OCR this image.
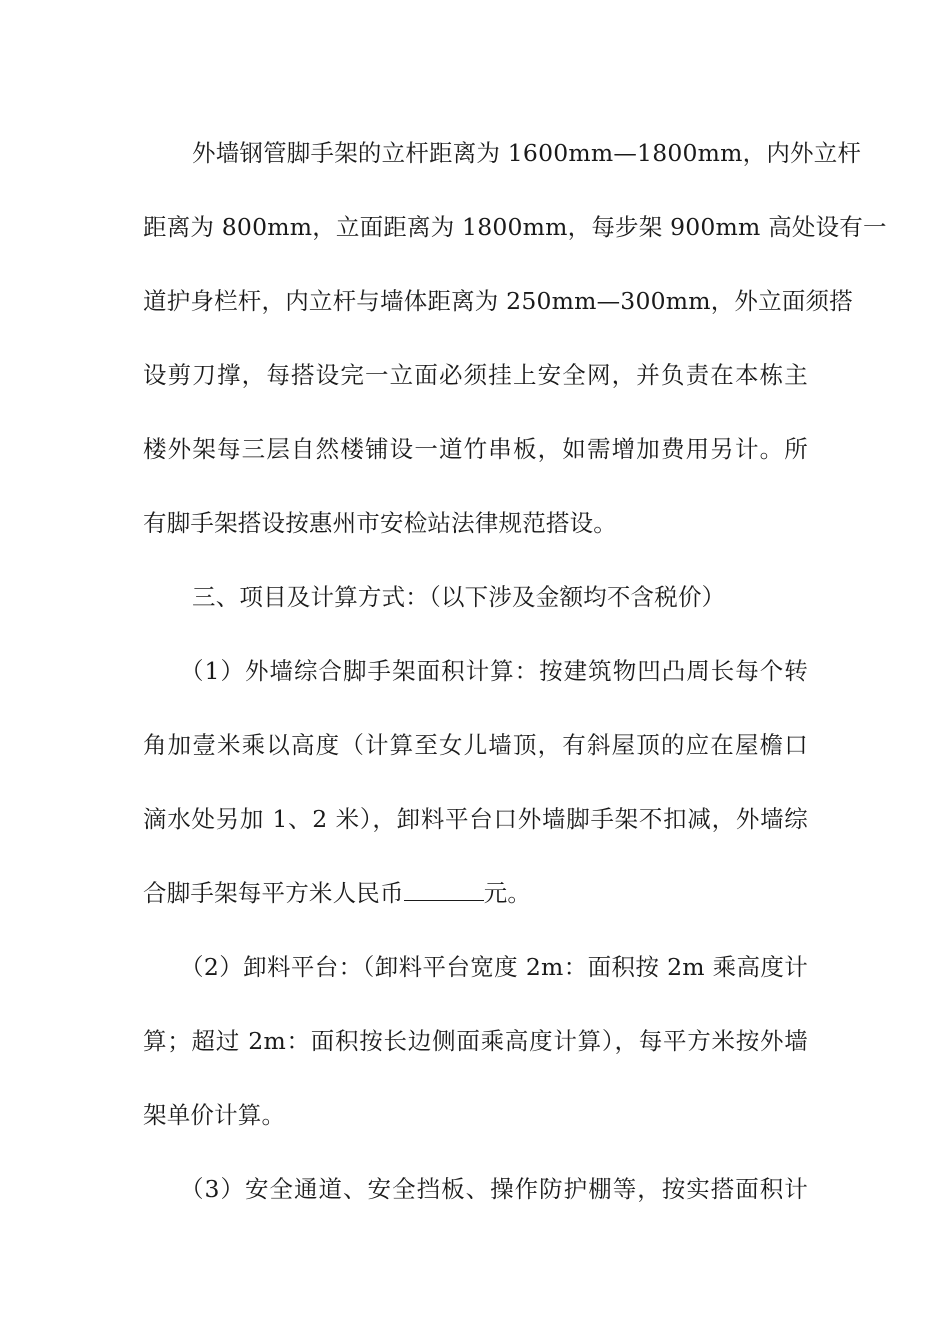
外墙钢管脚手架的立杆距离为 1600mm—1800mm，内外立杆
距离为 800mm，立面距离为 1800mm，每步架 900mm 高处设有一
道护身栏杆，内立杆与墙体距离为 250mm—300mm，外立面须搭
设剪刀撑，每搭设完一立面必须挂上安全网，并负责在本栋主
楼外架每三层自然楼铺设一道竹串板，如需增加费用另计。所
有脚手架搭设按惠州市安检站法律规范搭设。
三、项目及计算方式：（以下涉及金额均不含税价）
（1）外墙综合脚手架面积计算：按建筑物凹凸周长每个转
角加壹米乘以高度（计算至女儿墙顶，有斜屋顶的应在屋檐口
滴水处另加 1、2 米），卸料平台口外墙脚手架不扣减，外墙综
合脚手架每平方米人民币	元。
（2）卸料平台：（卸料平台宽度 2m：面积按 2m 乘高度计
算；超过 2m：面积按长边侧面乘高度计算），每平方米按外墙
架单价计算。
（3）安全通道、安全挡板、操作防护棚等，按实搭面积计
